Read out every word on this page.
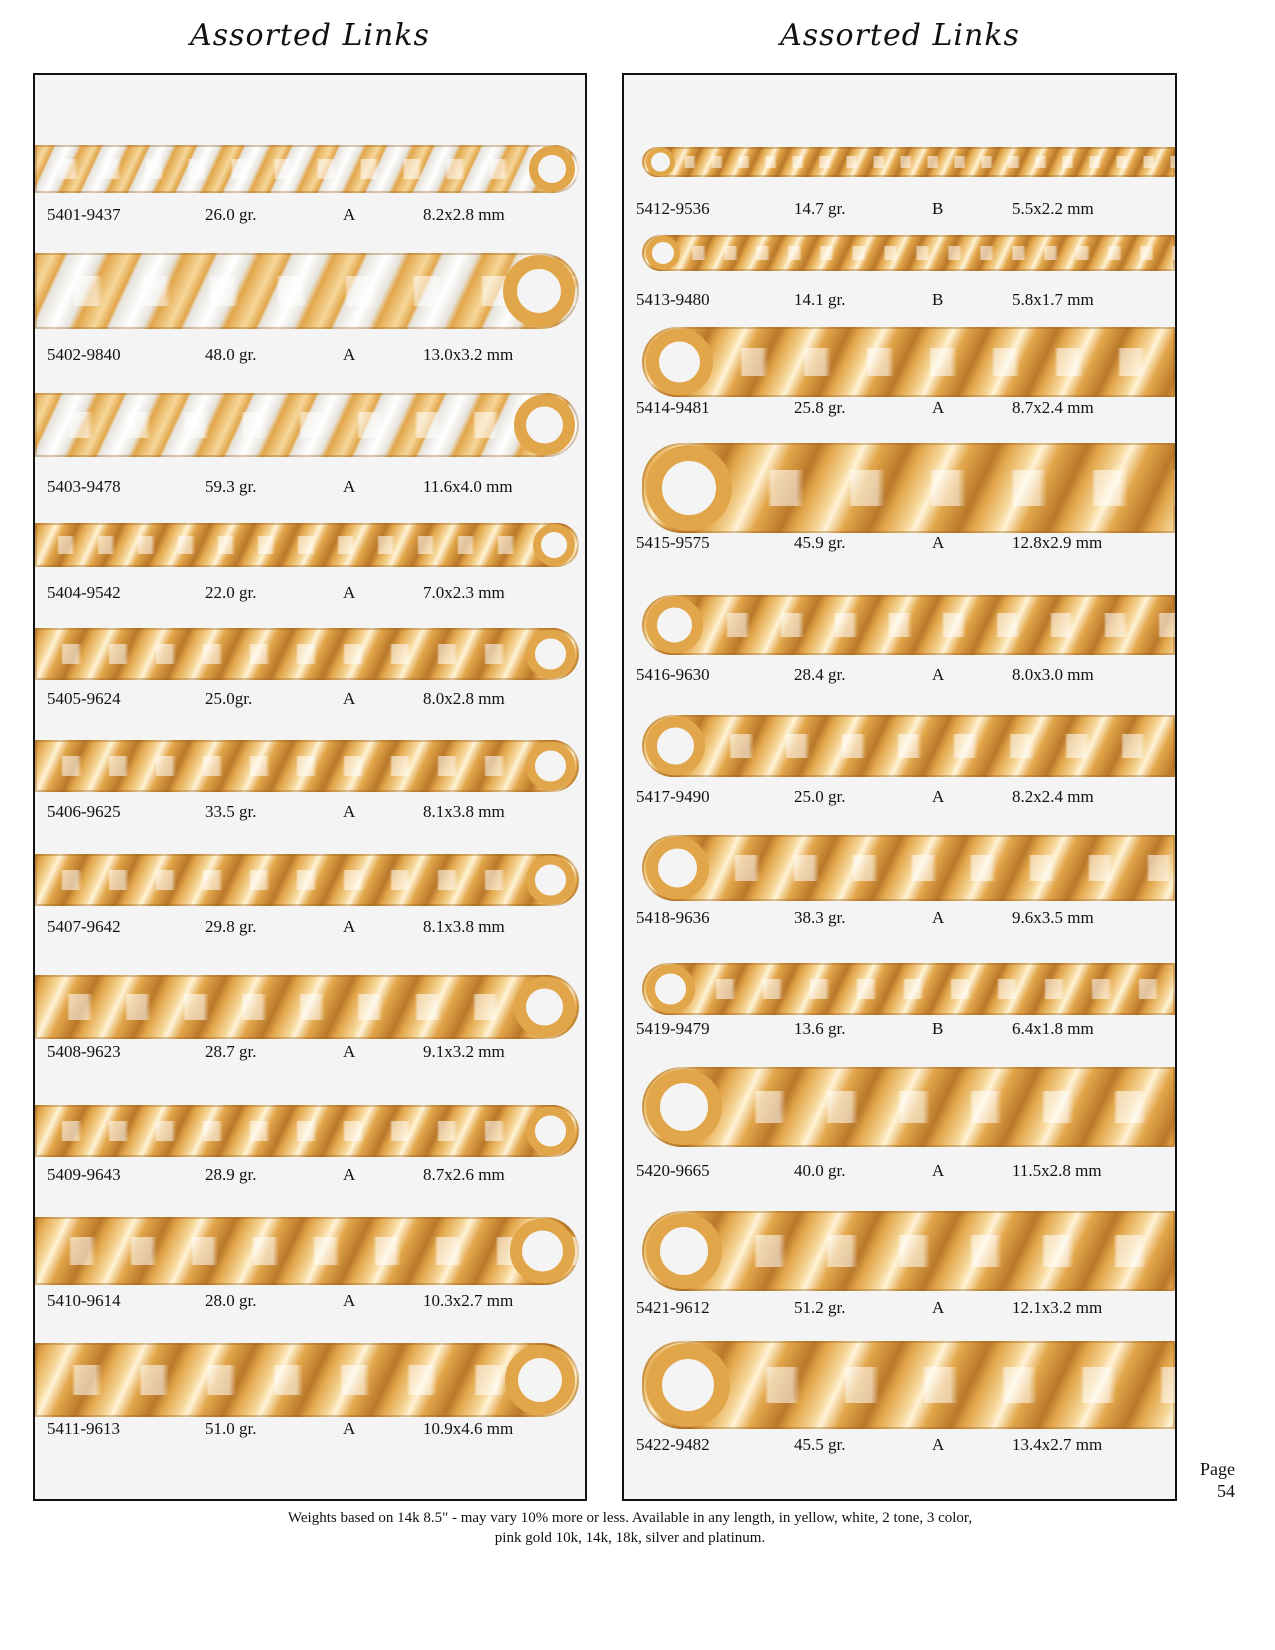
Assorted Links	Assorted Links
5401-9437	26.0 gr.	A	8.2x2.8 mm
5402-9840	48.0 gr.	A	13.0x3.2 mm
5403-9478	59.3 gr.	A	11.6x4.0 mm
5404-9542	22.0 gr.	A	7.0x2.3 mm
5405-9624	25.0gr.	A	8.0x2.8 mm
5406-9625	33.5 gr.	A	8.1x3.8 mm
5407-9642	29.8 gr.	A	8.1x3.8 mm
5408-9623	28.7 gr.	A	9.1x3.2 mm
5409-9643	28.9 gr.	A	8.7x2.6 mm
5410-9614	28.0 gr.	A	10.3x2.7 mm
5411-9613	51.0 gr.	A	10.9x4.6 mm
5412-9536	14.7 gr.	B	5.5x2.2 mm
5413-9480	14.1 gr.	B	5.8x1.7 mm
5414-9481	25.8 gr.	A	8.7x2.4 mm
5415-9575	45.9 gr.	A	12.8x2.9 mm
5416-9630	28.4 gr.	A	8.0x3.0 mm
5417-9490	25.0 gr.	A	8.2x2.4 mm
5418-9636	38.3 gr.	A	9.6x3.5 mm
5419-9479	13.6 gr.	B	6.4x1.8 mm
5420-9665	40.0 gr.	A	11.5x2.8 mm
5421-9612	51.2 gr.	A	12.1x3.2 mm
5422-9482	45.5 gr.	A	13.4x2.7 mm
Weights based on 14k 8.5" - may vary 10% more or less. Available in any length, in yellow, white, 2 tone, 3 color,
pink gold 10k, 14k, 18k, silver and platinum.
Page
54
